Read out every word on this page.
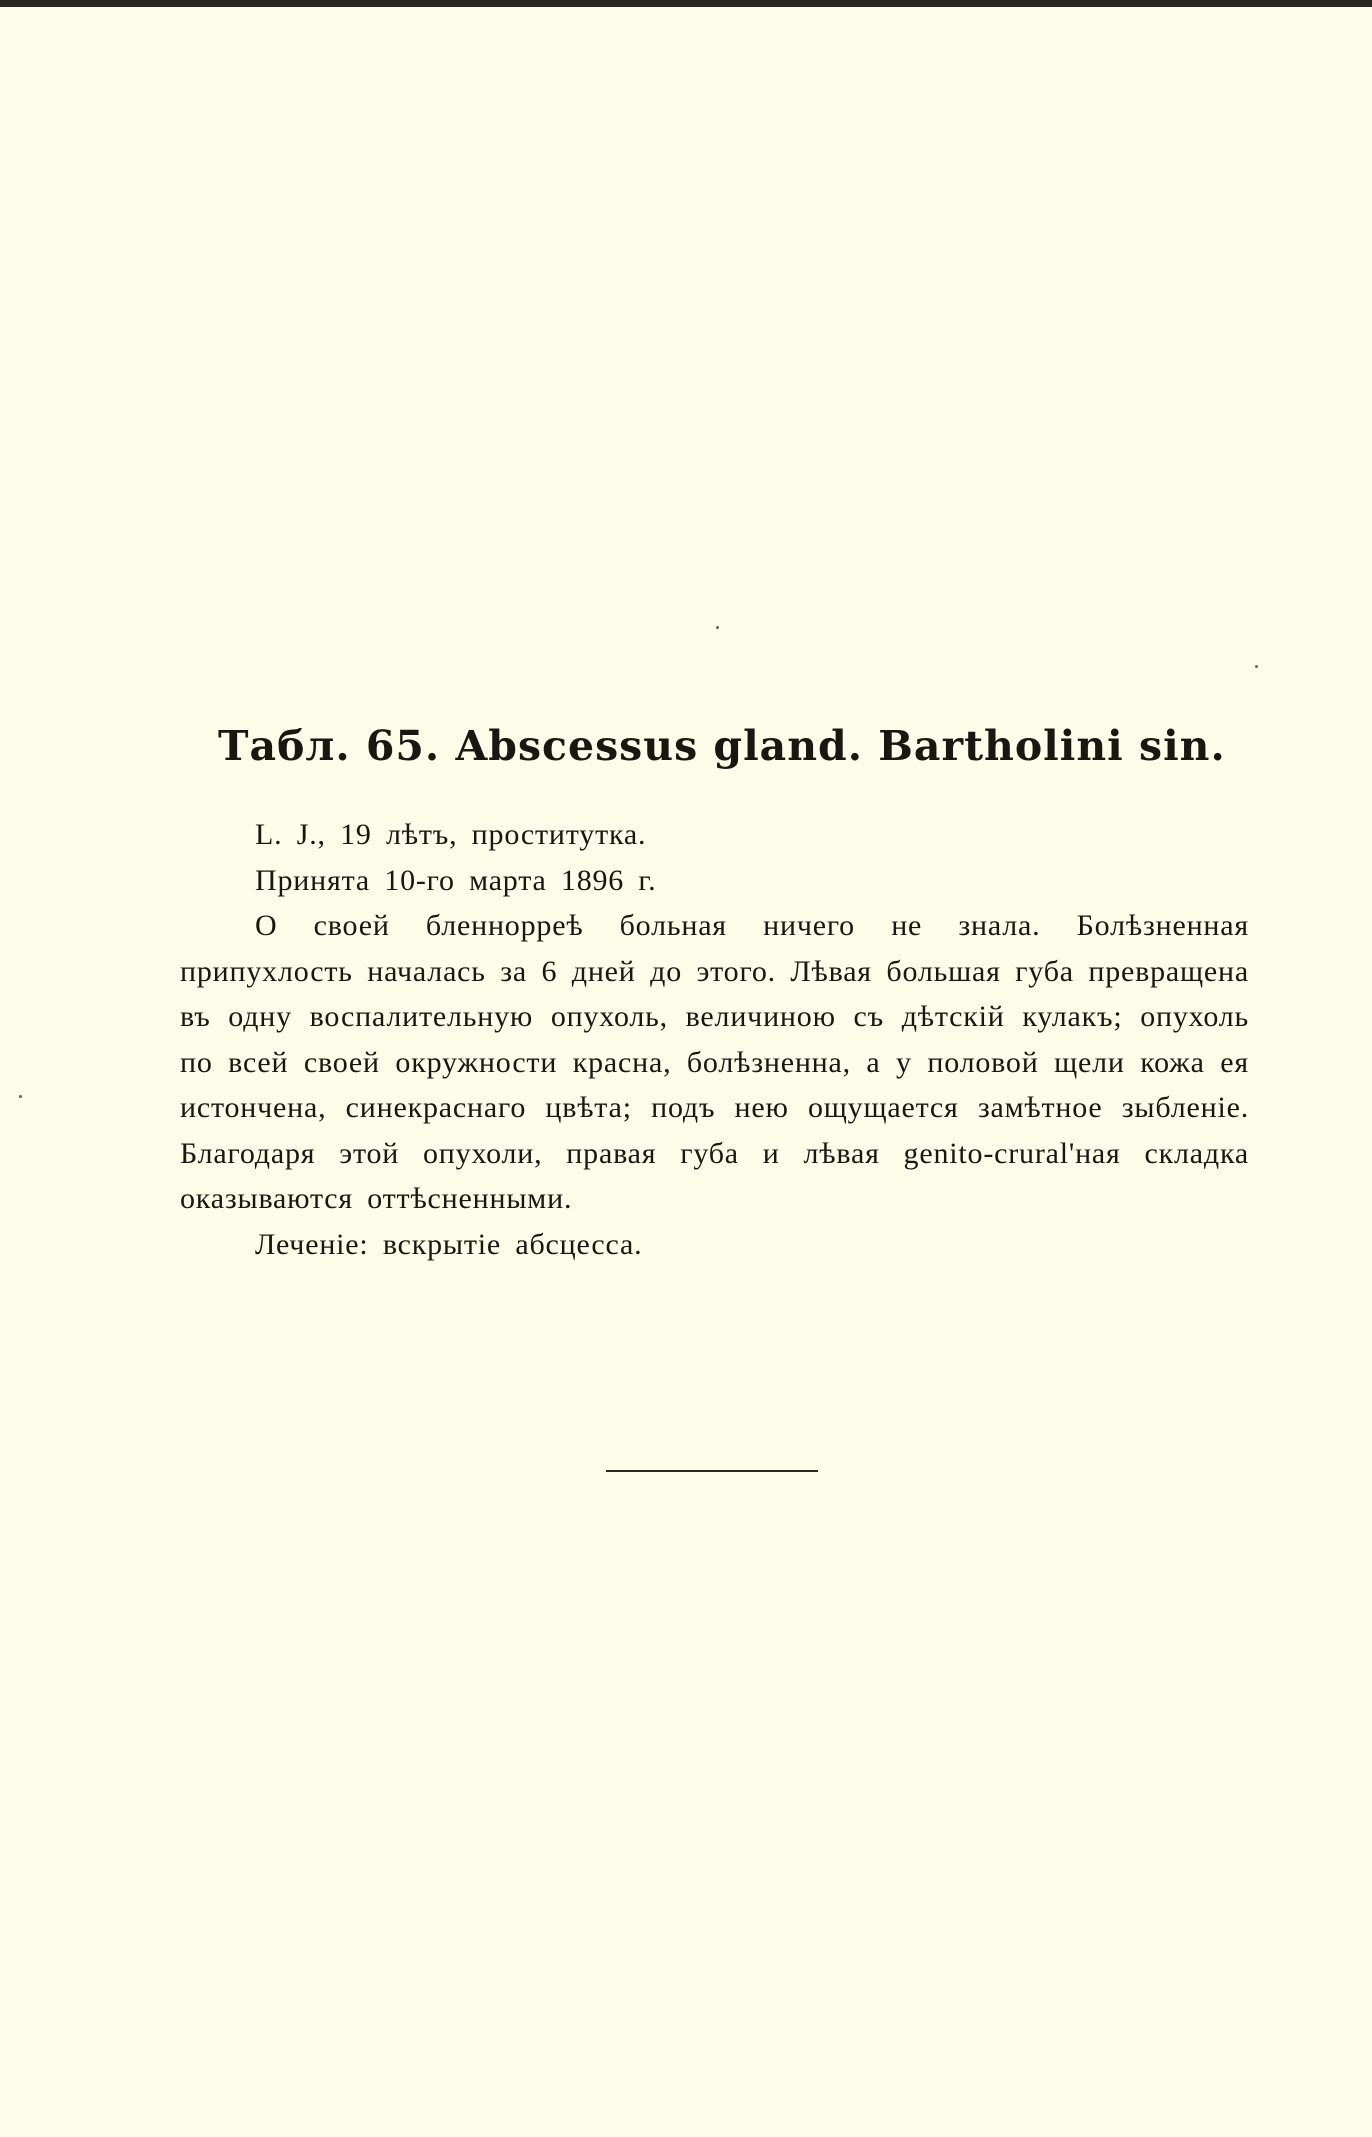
Табл. 65. Abscessus gland. Bartholini sin.

L. J., 19 лѣтъ, проститутка.

Принята 10-го марта 1896 г.

О своей бленнорреѣ больная ничего не знала. Болѣзненная припухлость началась за 6 дней до этого. Лѣвая большая губа превращена въ одну воспалительную опухоль, величиною съ дѣтскій кулакъ; опухоль по всей своей окружности красна, болѣзненна, а у половой щели кожа ея истончена, синекраснаго цвѣта; подъ нею ощущается замѣтное зыбленіе. Благодаря этой опухоли, правая губа и лѣвая genito-crural'ная складка оказываются оттѣсненными.

Леченіе: вскрытіе абсцесса.
